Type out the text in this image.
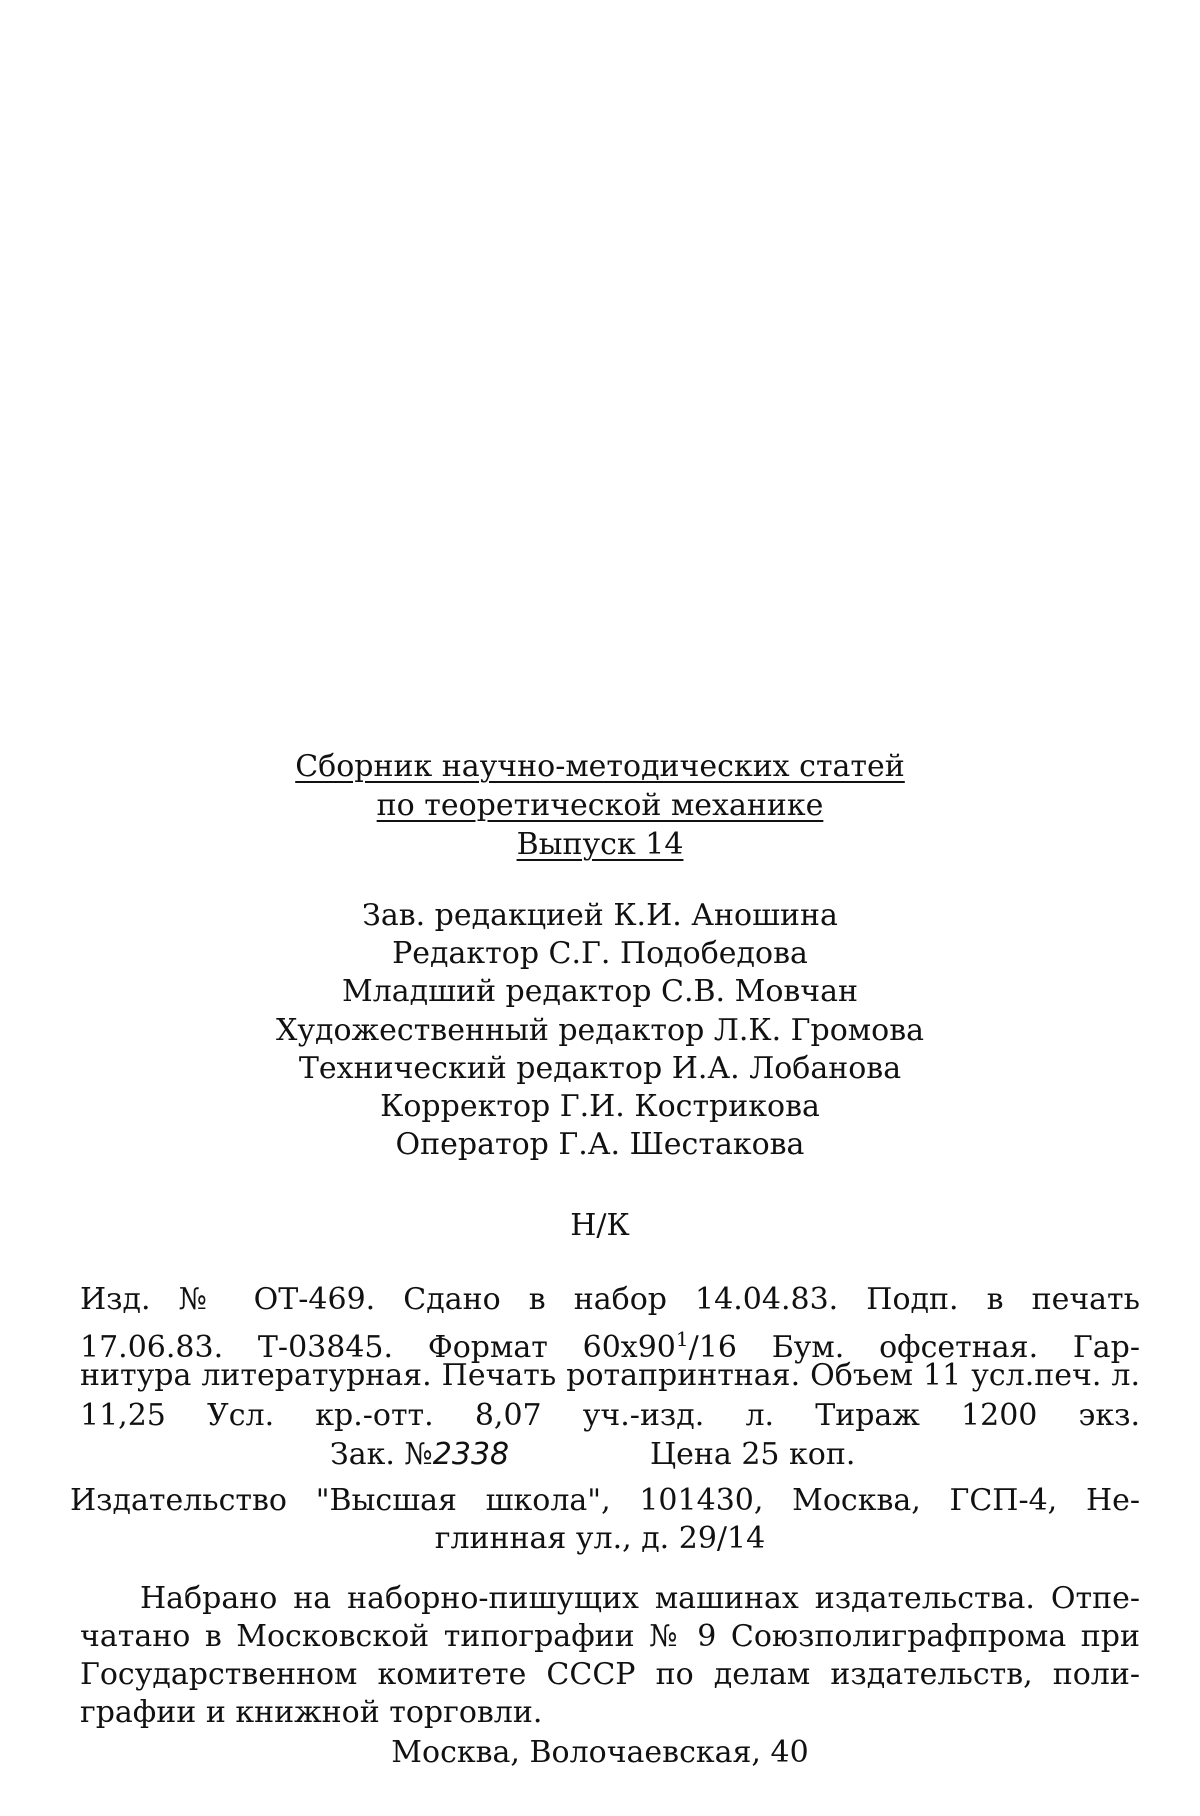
Сборник научно-методических статей
по теоретической механике
Выпуск 14
Зав. редакцией К.И. Аношина
Редактор С.Г. Подобедова
Младший редактор С.В. Мовчан
Художественный редактор Л.К. Громова
Технический редактор И.А. Лобанова
Корректор Г.И. Кострикова
Оператор Г.А. Шестакова
Н/К
Изд. № ОТ-469. Сдано в набор 14.04.83. Подп. в печать
17.06.83. Т-03845. Формат $60х90^1/16$ Бум. офсетная. Гар-
нитура литературная. Печать ротапринтная. Объем 11 усл.печ. л.
11,25 Усл. кр.-отт. 8,07 уч.-изд. л. Тираж 1200 экз.
Зак. №2338	Цена 25 коп.
Издательство "Высшая школа", 101430, Москва, ГСП-4, Не-
глинная ул., д. 29/14
Набрано на наборно-пишущих машинах издательства. Отпе-
чатано в Московской типографии № 9 Союзполиграфпрома при
Государственном комитете СССР по делам издательств, поли-
графии и книжной торговли.
Москва, Волочаевская, 40
